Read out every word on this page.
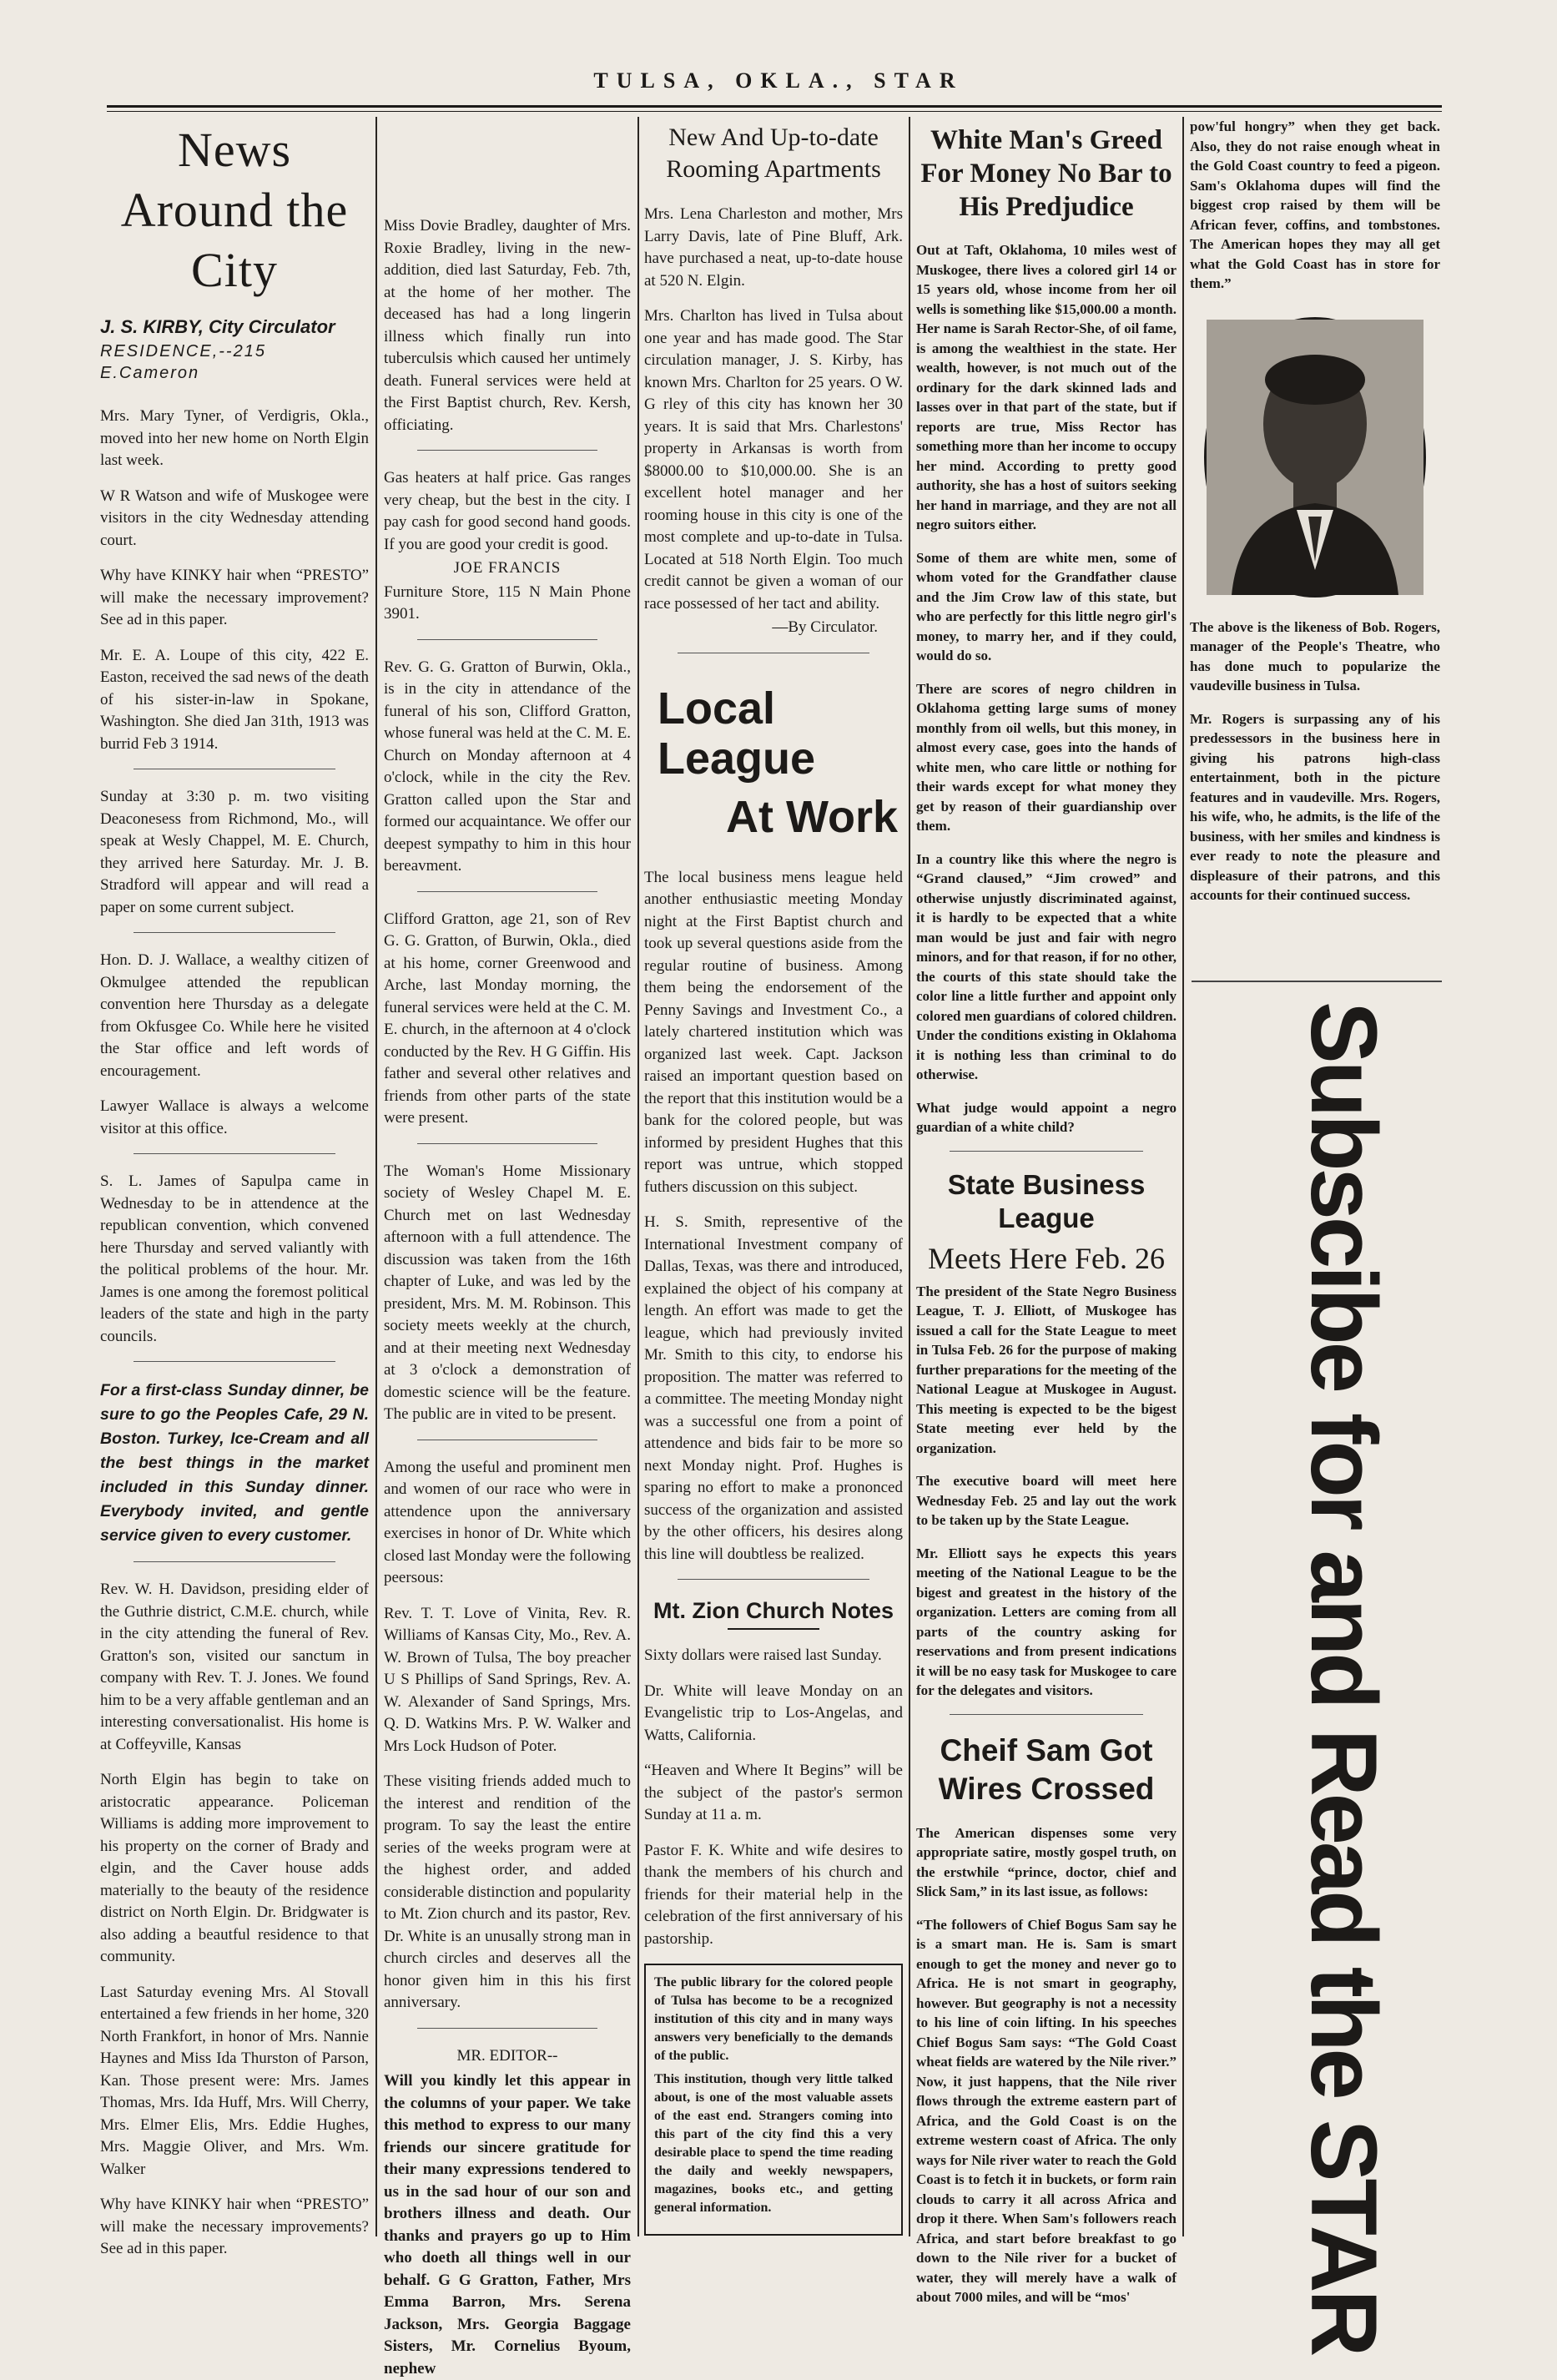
TULSA, OKLA., STAR
News Around the City
J. S. KIRBY, City Circulator
RESIDENCE,--215 E.Cameron

Mrs. Mary Tyner, of Verdigris, Okla., moved into her new home on North Elgin last week.

W R Watson and wife of Muskogee were visitors in the city Wednesday attending court.

Why have KINKY hair when “PRESTO” will make the necessary improvement? See ad in this paper.

Mr. E. A. Loupe of this city, 422 E. Easton, received the sad news of the death of his sister-in-law in Spokane, Washington. She died Jan 31th, 1913 was burrid Feb 3 1914.

Sunday at 3:30 p. m. two visiting Deaconesess from Richmond, Mo., will speak at Wesly Chappel, M. E. Church, they arrived here Saturday. Mr. J. B. Stradford will appear and will read a paper on some current subject.

Hon. D. J. Wallace, a wealthy citizen of Okmulgee attended the republican convention here Thursday as a delegate from Okfusgee Co. While here he visited the Star office and left words of encouragement.

Lawyer Wallace is always a welcome visitor at this office.

S. L. James of Sapulpa came in Wednesday to be in attendence at the republican convention, which convened here Thursday and served valiantly with the political problems of the hour. Mr. James is one among the foremost political leaders of the state and high in the party councils.

For a first-class Sunday dinner, be sure to go the Peoples Cafe, 29 N. Boston. Turkey, Ice-Cream and all the best things in the market included in this Sunday dinner. Everybody invited, and gentle service given to every customer.

Rev. W. H. Davidson, presiding elder of the Guthrie district, C.M.E. church, while in the city attending the funeral of Rev. Gratton's son, visited our sanctum in company with Rev. T. J. Jones. We found him to be a very affable gentleman and an interesting conversationalist. His home is at Coffeyville, Kansas

North Elgin has begin to take on aristocratic appearance. Policeman Williams is adding more improvement to his property on the corner of Brady and elgin, and the Caver house adds materially to the beauty of the residence district on North Elgin. Dr. Bridgwater is also adding a beautful residence to that community.

Last Saturday evening Mrs. Al Stovall entertained a few friends in her home, 320 North Frankfort, in honor of Mrs. Nannie Haynes and Miss Ida Thurston of Parson, Kan. Those present were: Mrs. James Thomas, Mrs. Ida Huff, Mrs. Will Cherry, Mrs. Elmer Elis, Mrs. Eddie Hughes, Mrs. Maggie Oliver, and Mrs. Wm. Walker

Why have KINKY hair when “PRESTO” will make the necessary improvements? See ad in this paper.

Miss Dovie Bradley, daughter of Mrs. Roxie Bradley, living in the new-addition, died last Saturday, Feb. 7th, at the home of her mother. The deceased has had a long lingerin illness which finally run into tuberculsis which caused her untimely death. Funeral services were held at the First Baptist church, Rev. Kersh, officiating.

Gas heaters at half price. Gas ranges very cheap, but the best in the city. I pay cash for good second hand goods. If you are good your credit is good.

JOE FRANCIS

Furniture Store, 115 N Main Phone 3901.

Rev. G. G. Gratton of Burwin, Okla., is in the city in attendance of the funeral of his son, Clifford Gratton, whose funeral was held at the C. M. E. Church on Monday afternoon at 4 o'clock, while in the city the Rev. Gratton called upon the Star and formed our acquaintance. We offer our deepest sympathy to him in this hour bereavment.

Clifford Gratton, age 21, son of Rev G. G. Gratton, of Burwin, Okla., died at his home, corner Greenwood and Arche, last Monday morning, the funeral services were held at the C. M. E. church, in the afternoon at 4 o'clock conducted by the Rev. H G Giffin. His father and several other relatives and friends from other parts of the state were present.

The Woman's Home Missionary society of Wesley Chapel M. E. Church met on last Wednesday afternoon with a full attendence. The discussion was taken from the 16th chapter of Luke, and was led by the president, Mrs. M. M. Robinson. This society meets weekly at the church, and at their meeting next Wednesday at 3 o'clock a demonstration of domestic science will be the feature. The public are in vited to be present.

Among the useful and prominent men and women of our race who were in attendence upon the anniversary exercises in honor of Dr. White which closed last Monday were the following peersous:

Rev. T. T. Love of Vinita, Rev. R. Williams of Kansas City, Mo., Rev. A. W. Brown of Tulsa, The boy preacher U S Phillips of Sand Springs, Rev. A. W. Alexander of Sand Springs, Mrs. Q. D. Watkins Mrs. P. W. Walker and Mrs Lock Hudson of Poter.

These visiting friends added much to the interest and rendition of the program. To say the least the entire series of the weeks program were at the highest order, and added considerable distinction and popularity to Mt. Zion church and its pastor, Rev. Dr. White is an unusally strong man in church circles and deserves all the honor given him in this his first anniversary.

MR. EDITOR--

Will you kindly let this appear in the columns of your paper. We take this method to express to our many friends our sincere gratitude for their many expressions tendered to us in the sad hour of our son and brothers illness and death. Our thanks and prayers go up to Him who doeth all things well in our behalf. G G Gratton, Father, Mrs Emma Barron, Mrs. Serena Jackson, Mrs. Georgia Baggage Sisters, Mr. Cornelius Byoum, nephew

New And Up-to-date Rooming Apartments

Mrs. Lena Charleston and mother, Mrs Larry Davis, late of Pine Bluff, Ark. have purchased a neat, up-to-date house at 520 N. Elgin.

Mrs. Charlton has lived in Tulsa about one year and has made good. The Star circulation manager, J. S. Kirby, has known Mrs. Charlton for 25 years. O W. G rley of this city has known her 30 years. It is said that Mrs. Charlestons' property in Arkansas is worth from $8000.00 to $10,000.00. She is an excellent hotel manager and her rooming house in this city is one of the most complete and up-to-date in Tulsa. Located at 518 North Elgin. Too much credit cannot be given a woman of our race possessed of her tact and ability.

—By Circulator.

Local League
At Work

The local business mens league held another enthusiastic meeting Monday night at the First Baptist church and took up several questions aside from the regular routine of business. Among them being the endorsement of the Penny Savings and Investment Co., a lately chartered institution which was organized last week. Capt. Jackson raised an important question based on the report that this institution would be a bank for the colored people, but was informed by president Hughes that this report was untrue, which stopped futhers discussion on this subject.

H. S. Smith, representive of the International Investment company of Dallas, Texas, was there and introduced, explained the object of his company at length. An effort was made to get the league, which had previously invited Mr. Smith to this city, to endorse his proposition. The matter was referred to a committee. The meeting Monday night was a successful one from a point of attendence and bids fair to be more so next Monday night. Prof. Hughes is sparing no effort to make a prononced success of the organization and assisted by the other officers, his desires along this line will doubtless be realized.

Mt. Zion Church Notes

Sixty dollars were raised last Sunday.

Dr. White will leave Monday on an Evangelistic trip to Los-Angelas, and Watts, California.

“Heaven and Where It Begins” will be the subject of the pastor's sermon Sunday at 11 a. m.

Pastor F. K. White and wife desires to thank the members of his church and friends for their material help in the celebration of the first anniversary of his pastorship.

The public library for the colored people of Tulsa has become to be a recognized institution of this city and in many ways answers very beneficially to the demands of the public.

This institution, though very little talked about, is one of the most valuable assets of the east end. Strangers coming into this part of the city find this a very desirable place to spend the time reading the daily and weekly newspapers, magazines, books etc., and getting general information.

White Man's Greed For Money No Bar to His Predjudice

Out at Taft, Oklahoma, 10 miles west of Muskogee, there lives a colored girl 14 or 15 years old, whose income from her oil wells is something like $15,000.00 a month. Her name is Sarah Rector-She, of oil fame, is among the wealthiest in the state. Her wealth, however, is not much out of the ordinary for the dark skinned lads and lasses over in that part of the state, but if reports are true, Miss Rector has something more than her income to occupy her mind. According to pretty good authority, she has a host of suitors seeking her hand in marriage, and they are not all negro suitors either.

Some of them are white men, some of whom voted for the Grandfather clause and the Jim Crow law of this state, but who are perfectly for this little negro girl's money, to marry her, and if they could, would do so.

There are scores of negro children in Oklahoma getting large sums of money monthly from oil wells, but this money, in almost every case, goes into the hands of white men, who care little or nothing for their wards except for what money they get by reason of their guardianship over them.

In a country like this where the negro is “Grand claused,” “Jim crowed” and otherwise unjustly discriminated against, it is hardly to be expected that a white man would be just and fair with negro minors, and for that reason, if for no other, the courts of this state should take the color line a little further and appoint only colored men guardians of colored children. Under the conditions existing in Oklahoma it is nothing less than criminal to do otherwise.

What judge would appoint a negro guardian of a white child?

State Business League
Meets Here Feb. 26

The president of the State Negro Business League, T. J. Elliott, of Muskogee has issued a call for the State League to meet in Tulsa Feb. 26 for the purpose of making further preparations for the meeting of the National League at Muskogee in August. This meeting is expected to be the bigest State meeting ever held by the organization.

The executive board will meet here Wednesday Feb. 25 and lay out the work to be taken up by the State League.

Mr. Elliott says he expects this years meeting of the National League to be the bigest and greatest in the history of the organization. Letters are coming from all parts of the country asking for reservations and from present indications it will be no easy task for Muskogee to care for the delegates and visitors.

Cheif Sam Got Wires Crossed

The American dispenses some very appropriate satire, mostly gospel truth, on the erstwhile “prince, doctor, chief and Slick Sam,” in its last issue, as follows:

“The followers of Chief Bogus Sam say he is a smart man. He is. Sam is smart enough to get the money and never go to Africa. He is not smart in geography, however. But geography is not a necessity to his line of coin lifting. In his speeches Chief Bogus Sam says: “The Gold Coast wheat fields are watered by the Nile river.” Now, it just happens, that the Nile river flows through the extreme eastern part of Africa, and the Gold Coast is on the extreme western coast of Africa. The only ways for Nile river water to reach the Gold Coast is to fetch it in buckets, or form rain clouds to carry it all across Africa and drop it there. When Sam's followers reach Africa, and start before breakfast to go down to the Nile river for a bucket of water, they will merely have a walk of about 7000 miles, and will be “mos'

pow'ful hongry” when they get back. Also, they do not raise enough wheat in the Gold Coast country to feed a pigeon. Sam's Oklahoma dupes will find the biggest crop raised by them will be African fever, coffins, and tombstones. The American hopes they may all get what the Gold Coast has in store for them.”

The above is the likeness of Bob. Rogers, manager of the People's Theatre, who has done much to popularize the vaudeville business in Tulsa.

Mr. Rogers is surpassing any of his predessessors in the business here in giving his patrons high-class entertainment, both in the picture features and in vaudeville. Mrs. Rogers, his wife, who, he admits, is the life of the business, with her smiles and kindness is ever ready to note the pleasure and displeasure of their patrons, and this accounts for their continued success.

Subscibe for and Read the STAR
